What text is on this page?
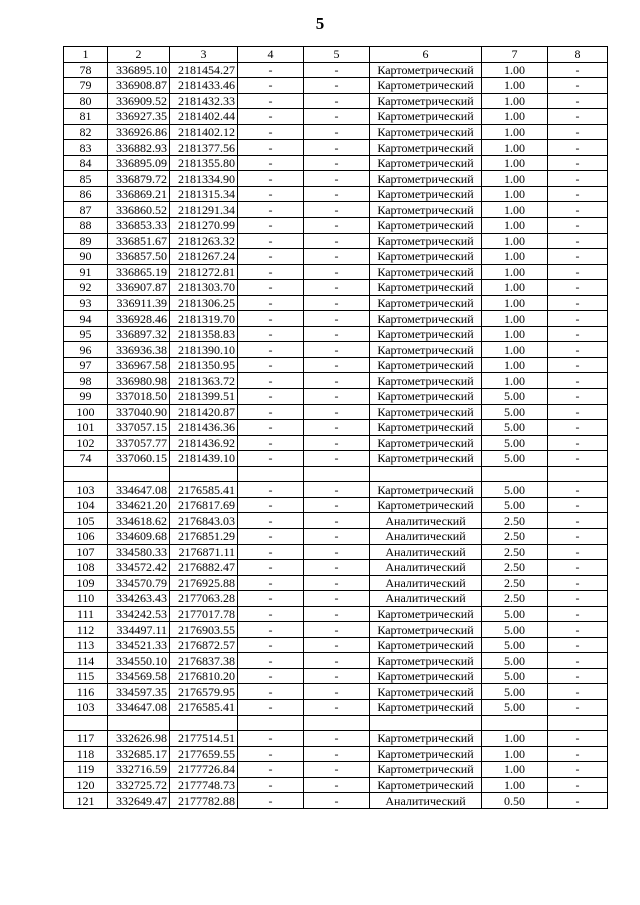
5
1	2	3	4	5	6	7	8
78	336895.10	2181454.27	-	-	Картометрический	1.00	-
79	336908.87	2181433.46	-	-	Картометрический	1.00	-
80	336909.52	2181432.33	-	-	Картометрический	1.00	-
81	336927.35	2181402.44	-	-	Картометрический	1.00	-
82	336926.86	2181402.12	-	-	Картометрический	1.00	-
83	336882.93	2181377.56	-	-	Картометрический	1.00	-
84	336895.09	2181355.80	-	-	Картометрический	1.00	-
85	336879.72	2181334.90	-	-	Картометрический	1.00	-
86	336869.21	2181315.34	-	-	Картометрический	1.00	-
87	336860.52	2181291.34	-	-	Картометрический	1.00	-
88	336853.33	2181270.99	-	-	Картометрический	1.00	-
89	336851.67	2181263.32	-	-	Картометрический	1.00	-
90	336857.50	2181267.24	-	-	Картометрический	1.00	-
91	336865.19	2181272.81	-	-	Картометрический	1.00	-
92	336907.87	2181303.70	-	-	Картометрический	1.00	-
93	336911.39	2181306.25	-	-	Картометрический	1.00	-
94	336928.46	2181319.70	-	-	Картометрический	1.00	-
95	336897.32	2181358.83	-	-	Картометрический	1.00	-
96	336936.38	2181390.10	-	-	Картометрический	1.00	-
97	336967.58	2181350.95	-	-	Картометрический	1.00	-
98	336980.98	2181363.72	-	-	Картометрический	1.00	-
99	337018.50	2181399.51	-	-	Картометрический	5.00	-
100	337040.90	2181420.87	-	-	Картометрический	5.00	-
101	337057.15	2181436.36	-	-	Картометрический	5.00	-
102	337057.77	2181436.92	-	-	Картометрический	5.00	-
74	337060.15	2181439.10	-	-	Картометрический	5.00	-

103	334647.08	2176585.41	-	-	Картометрический	5.00	-
104	334621.20	2176817.69	-	-	Картометрический	5.00	-
105	334618.62	2176843.03	-	-	Аналитический	2.50	-
106	334609.68	2176851.29	-	-	Аналитический	2.50	-
107	334580.33	2176871.11	-	-	Аналитический	2.50	-
108	334572.42	2176882.47	-	-	Аналитический	2.50	-
109	334570.79	2176925.88	-	-	Аналитический	2.50	-
110	334263.43	2177063.28	-	-	Аналитический	2.50	-
111	334242.53	2177017.78	-	-	Картометрический	5.00	-
112	334497.11	2176903.55	-	-	Картометрический	5.00	-
113	334521.33	2176872.57	-	-	Картометрический	5.00	-
114	334550.10	2176837.38	-	-	Картометрический	5.00	-
115	334569.58	2176810.20	-	-	Картометрический	5.00	-
116	334597.35	2176579.95	-	-	Картометрический	5.00	-
103	334647.08	2176585.41	-	-	Картометрический	5.00	-

117	332626.98	2177514.51	-	-	Картометрический	1.00	-
118	332685.17	2177659.55	-	-	Картометрический	1.00	-
119	332716.59	2177726.84	-	-	Картометрический	1.00	-
120	332725.72	2177748.73	-	-	Картометрический	1.00	-
121	332649.47	2177782.88	-	-	Аналитический	0.50	-
